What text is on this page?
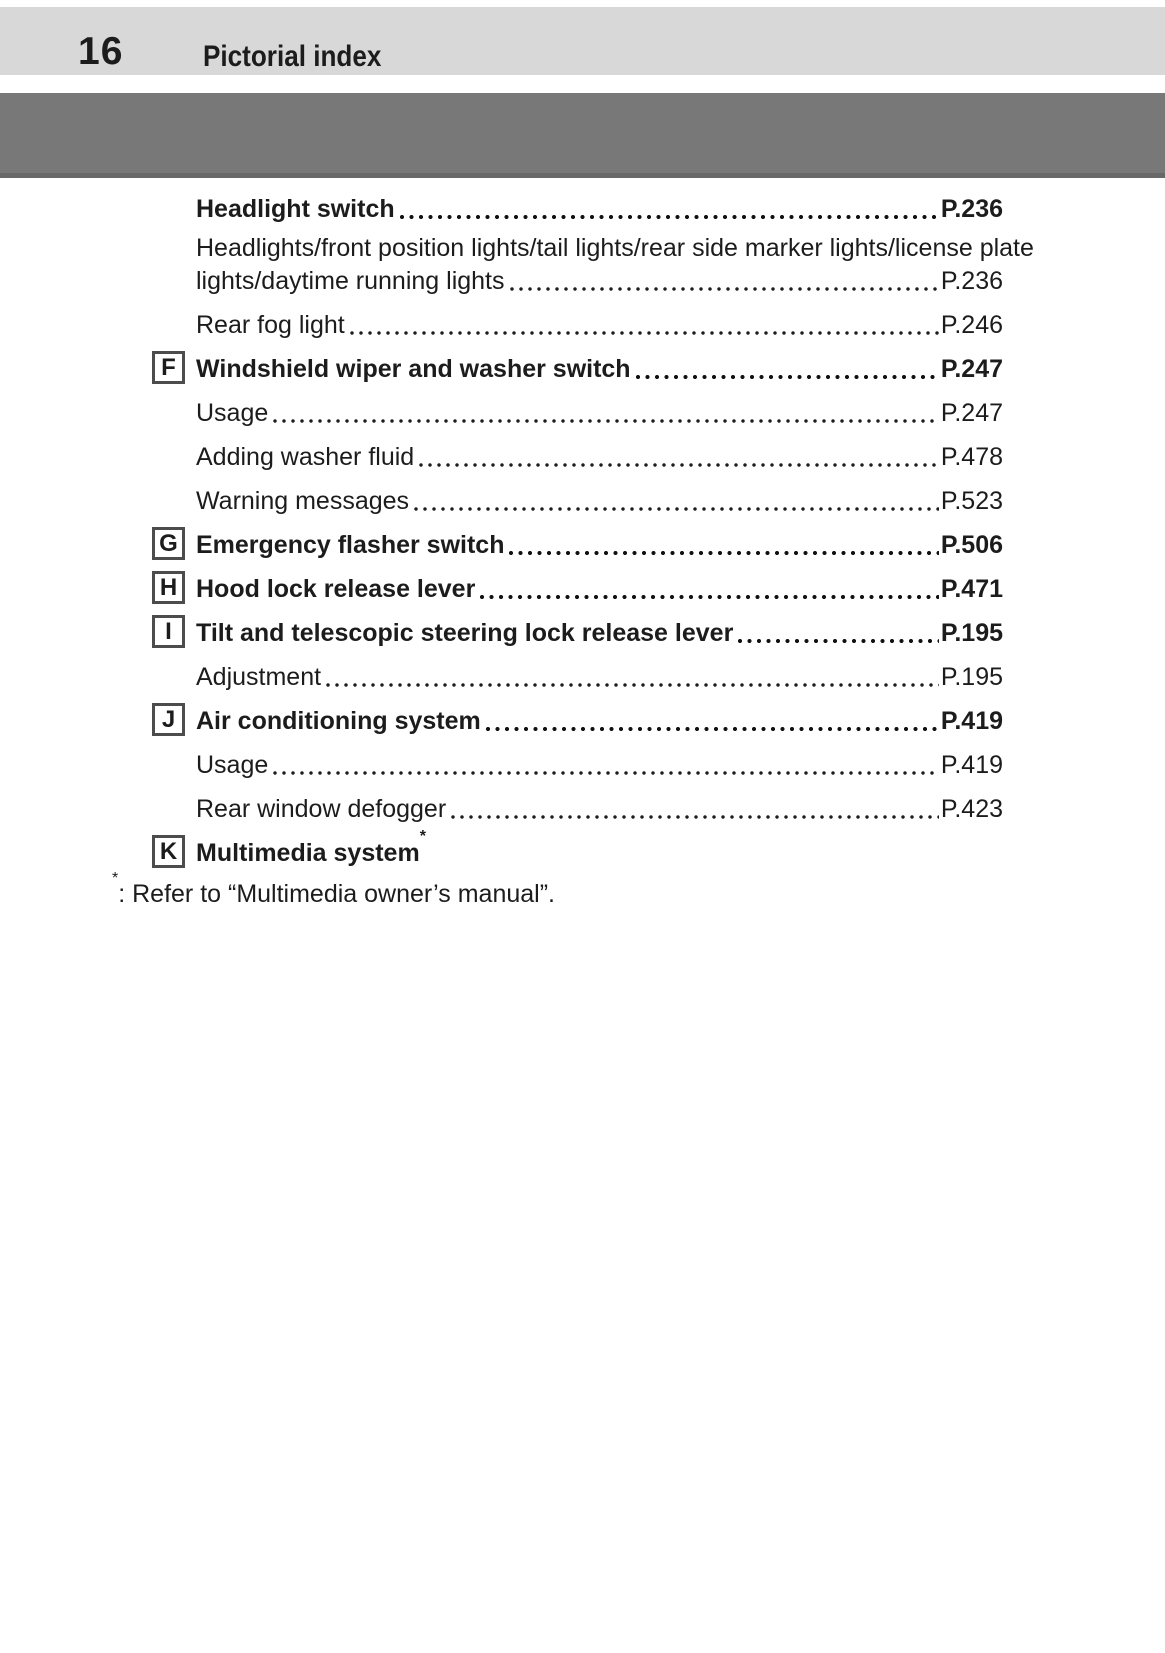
16	Pictorial index
Headlight switch	P.236
Headlights/front position lights/tail lights/rear side marker lights/license plate
lights/daytime running lights	P.236
Rear fog light	P.246
F Windshield wiper and washer switch	P.247
Usage	P.247
Adding washer fluid	P.478
Warning messages	P.523
G Emergency flasher switch	P.506
H Hood lock release lever	P.471
I Tilt and telescopic steering lock release lever	P.195
Adjustment	P.195
J Air conditioning system	P.419
Usage	P.419
Rear window defogger	P.423
K Multimedia system*
*: Refer to “Multimedia owner’s manual”.
